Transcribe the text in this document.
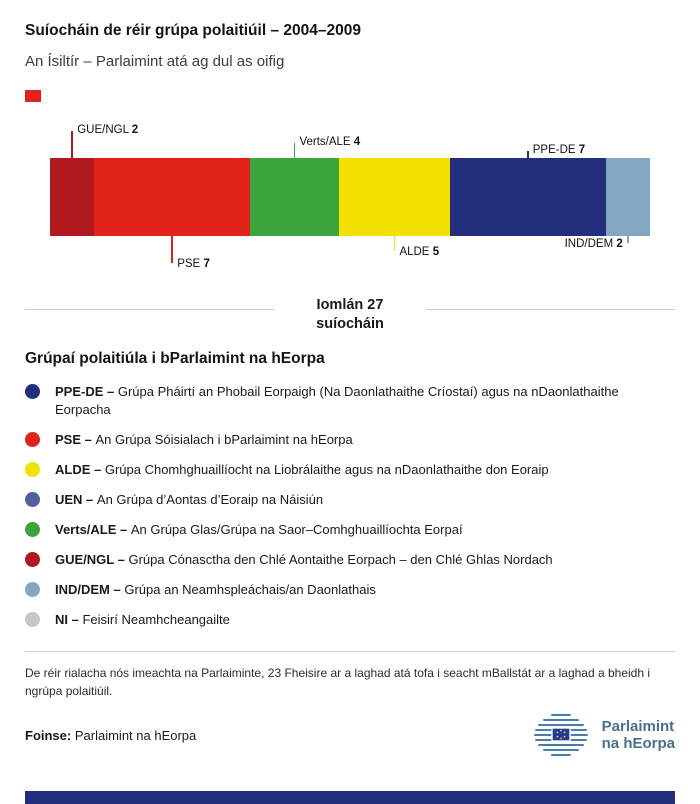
Suíocháin de réir grúpa polaitiúil – 2004–2009
An Ísiltír – Parlaimint atá ag dul as oifig
GUE/NGL 2
PSE 7
Verts/ALE 4
ALDE 5
PPE-DE 7
IND/DEM 2
Iomlán 27
suíocháin
Grúpaí polaitiúla i bParlaimint na hEorpa
PPE-DE – Grúpa Pháirtí an Phobail Eorpaigh (Na Daonlathaithe Críostaí) agus na nDaonlathaithe Eorpacha
PSE – An Grúpa Sóisialach i bParlaimint na hEorpa
ALDE – Grúpa Chomhghuaillíocht na Liobrálaithe agus na nDaonlathaithe don Eoraip
UEN – An Grúpa d’Aontas d’Eoraip na Náisiún
Verts/ALE – An Grúpa Glas/Grúpa na Saor–Comhghuaillíochta Eorpaí
GUE/NGL – Grúpa Cónasctha den Chlé Aontaithe Eorpach – den Chlé Ghlas Nordach
IND/DEM – Grúpa an Neamhspleáchais/an Daonlathais
NI – Feisirí Neamhcheangailte

De réir rialacha nós imeachta na Parlaiminte, 23 Fheisire ar a laghad atá tofa i seacht mBallstát ar a laghad a bheidh i ngrúpa polaitiúil.

Foinse: Parlaimint na hEorpa
Parlaimint
na hEorpa
